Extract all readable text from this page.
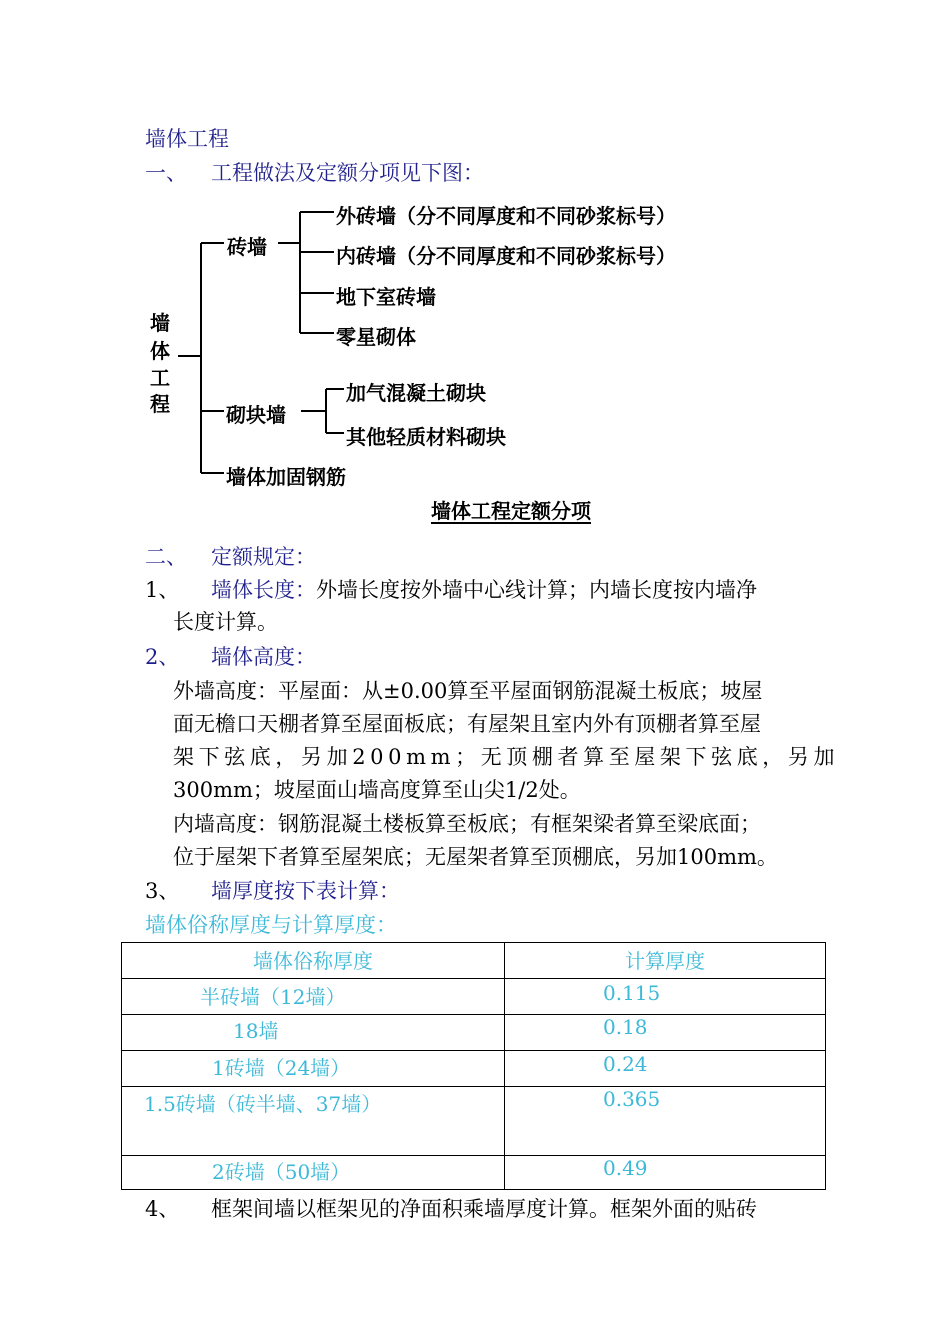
墙体工程
一、 工程做法及定额分项见下图：
墙
体
工
程
砖墙
外砖墙（分不同厚度和不同砂浆标号）
内砖墙（分不同厚度和不同砂浆标号）
地下室砖墙
零星砌体
砌块墙
加气混凝土砌块
其他轻质材料砌块
墙体加固钢筋
墙体工程定额分项
二、 定额规定：
1、 墙体长度：外墙长度按外墙中心线计算；内墙长度按内墙净
长度计算。
2、 墙体高度：
外墙高度：平屋面：从±0.00算至平屋面钢筋混凝土板底；坡屋
面无檐口天棚者算至屋面板底；有屋架且室内外有顶棚者算至屋
架下弦底，另加200mm；无顶棚者算至屋架下弦底，另加
300mm；坡屋面山墙高度算至山尖1/2处。
内墙高度：钢筋混凝土楼板算至板底；有框架梁者算至梁底面；
位于屋架下者算至屋架底；无屋架者算至顶棚底，另加100mm。
3、 墙厚度按下表计算：
墙体俗称厚度与计算厚度：
墙体俗称厚度	计算厚度
半砖墙（12墙）	0.115
18墙	0.18
1砖墙（24墙）	0.24
1.5砖墙（砖半墙、37墙）	0.365
2砖墙（50墙）	0.49
4、 框架间墙以框架见的净面积乘墙厚度计算。框架外面的贴砖
